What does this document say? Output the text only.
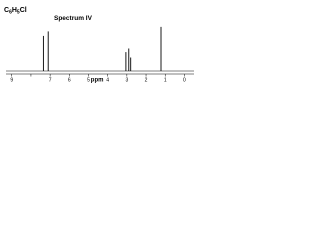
$C_6H_5Cl$
Spectrum IV
9	7	6	5	4	3	2	1	0
ppm
